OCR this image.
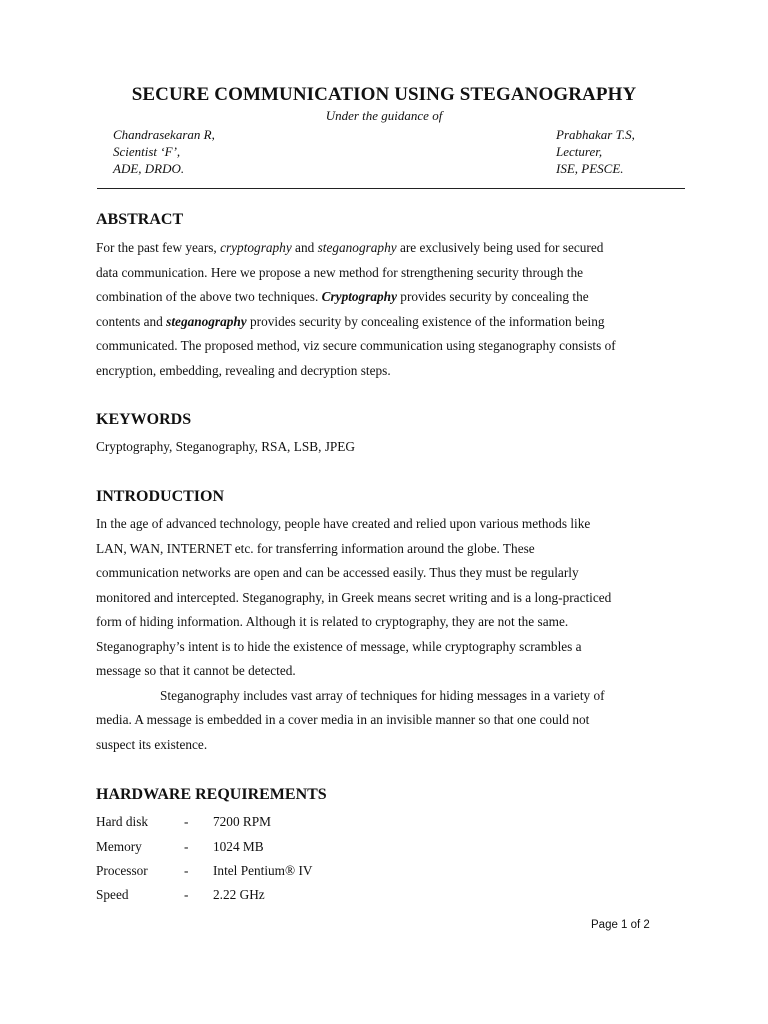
SECURE COMMUNICATION USING STEGANOGRAPHY
Under the guidance of
Chandrasekaran R,
Scientist ‘F’,
ADE, DRDO.
Prabhakar T.S,
Lecturer,
ISE, PESCE.
ABSTRACT
For the past few years, cryptography and steganography are exclusively being used for secured
data communication. Here we propose a new method for strengthening security through the
combination of the above two techniques. Cryptography provides security by concealing the
contents and steganography provides security by concealing existence of the information being
communicated. The proposed method, viz secure communication using steganography consists of
encryption, embedding, revealing and decryption steps.
KEYWORDS
Cryptography, Steganography, RSA, LSB, JPEG
INTRODUCTION
In the age of advanced technology, people have created and relied upon various methods like
LAN, WAN, INTERNET etc. for transferring information around the globe. These
communication networks are open and can be accessed easily. Thus they must be regularly
monitored and intercepted. Steganography, in Greek means secret writing and is a long-practiced
form of hiding information. Although it is related to cryptography, they are not the same.
Steganography’s intent is to hide the existence of message, while cryptography scrambles a
message so that it cannot be detected.
Steganography includes vast array of techniques for hiding messages in a variety of
media. A message is embedded in a cover media in an invisible manner so that one could not
suspect its existence.
HARDWARE REQUIREMENTS
Hard disk	- 7200 RPM
Memory	- 1024 MB
Processor	- Intel Pentium® IV
Speed	- 2.22 GHz
Page 1 of 2
